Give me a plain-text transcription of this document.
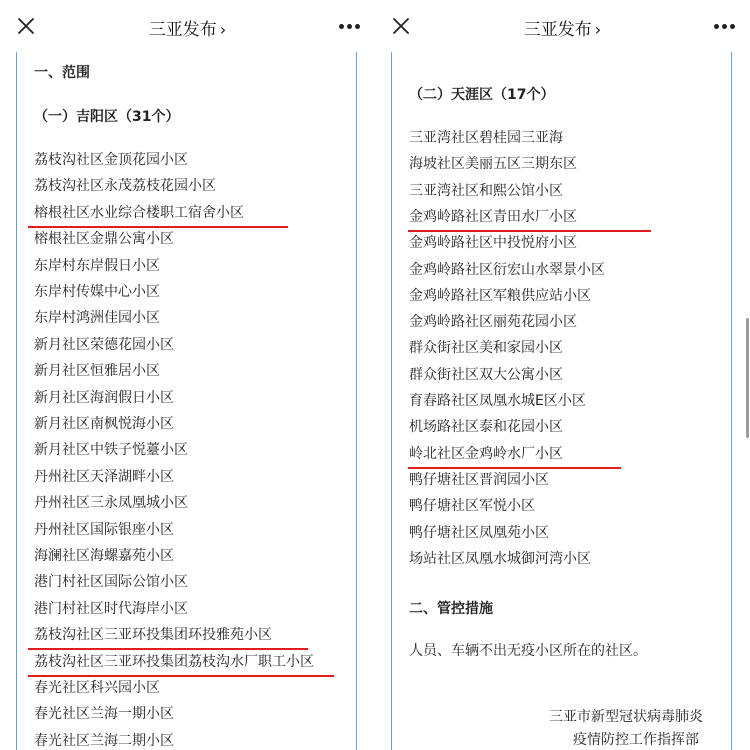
三亚发布 ›
一、范围
（一）吉阳区（31个）
荔枝沟社区金顶花园小区
荔枝沟社区永茂荔枝花园小区
榕根社区水业综合楼职工宿舍小区
榕根社区金鼎公寓小区
东岸村东岸假日小区
东岸村传媒中心小区
东岸村鸿洲佳园小区
新月社区荣德花园小区
新月社区恒雅居小区
新月社区海润假日小区
新月社区南枫悦海小区
新月社区中铁子悦薹小区
丹州社区天泽湖畔小区
丹州社区三永凤凰城小区
丹州社区国际银座小区
海澜社区海螺嘉苑小区
港门村社区国际公馆小区
港门村社区时代海岸小区
荔枝沟社区三亚环投集团环投雅苑小区
荔枝沟社区三亚环投集团荔枝沟水厂职工小区
春光社区科兴园小区
春光社区兰海一期小区
春光社区兰海二期小区
三亚发布 ›
（二）天涯区（17个）
三亚湾社区碧桂园三亚海
海坡社区美丽五区三期东区
三亚湾社区和熙公馆小区
金鸡岭路社区青田水厂小区
金鸡岭路社区中投悦府小区
金鸡岭路社区衍宏山水翠景小区
金鸡岭路社区军粮供应站小区
金鸡岭路社区丽苑花园小区
群众街社区美和家园小区
群众街社区双大公寓小区
育春路社区凤凰水城E区小区
机场路社区泰和花园小区
岭北社区金鸡岭水厂小区
鸭仔塘社区晋润园小区
鸭仔塘社区军悦小区
鸭仔塘社区凤凰苑小区
场站社区凤凰水城御河湾小区
二、管控措施
人员、车辆不出无疫小区所在的社区。
三亚市新型冠状病毒肺炎
疫情防控工作指挥部
